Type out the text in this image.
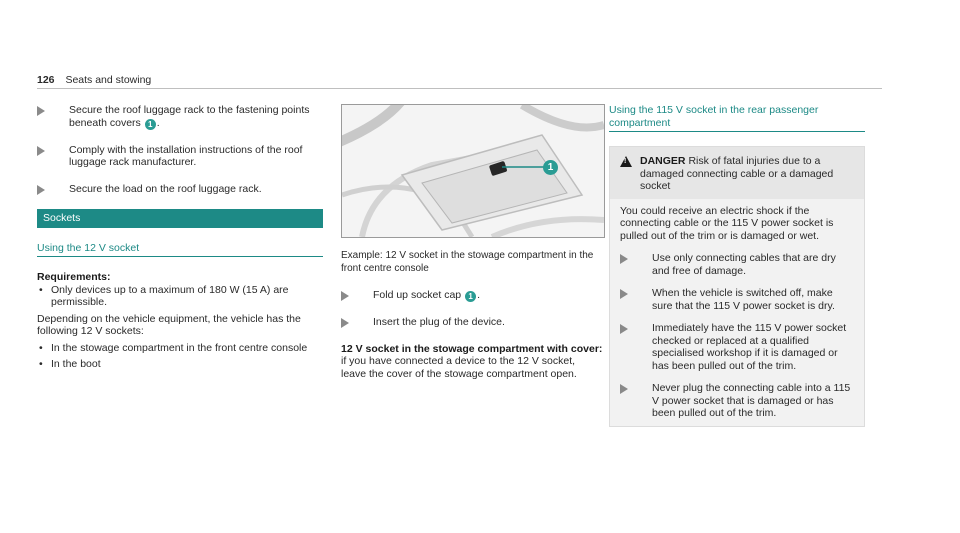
126 Seats and stowing
Secure the roof luggage rack to the fastening points beneath covers 1 .
Comply with the installation instructions of the roof luggage rack manufacturer.
Secure the load on the roof luggage rack.
Sockets
Using the 12 V socket

Requirements:

• Only devices up to a maximum of 180 W (15 A) are permissible.

Depending on the vehicle equipment, the vehicle has the following 12 V sockets:

• In the stowage compartment in the front centre console
• In the boot
1

Example: 12 V socket in the stowage compartment in the front centre console

Fold up socket cap 1 .
Insert the plug of the device.

12 V socket in the stowage compartment with cover: if you have connected a device to the 12 V socket, leave the cover of the stowage compartment open.

Using the 115 V socket in the rear passenger compartment
!
DANGER Risk of fatal injuries due to a damaged connecting cable or a damaged socket

You could receive an electric shock if the connecting cable or the 115 V power socket is pulled out of the trim or is damaged or wet.

Use only connecting cables that are dry and free of damage.
When the vehicle is switched off, make sure that the 115 V power socket is dry.
Immediately have the 115 V power socket checked or replaced at a qualified specialised workshop if it is damaged or has been pulled out of the trim.
Never plug the connecting cable into a 115 V power socket that is damaged or has been pulled out of the trim.
